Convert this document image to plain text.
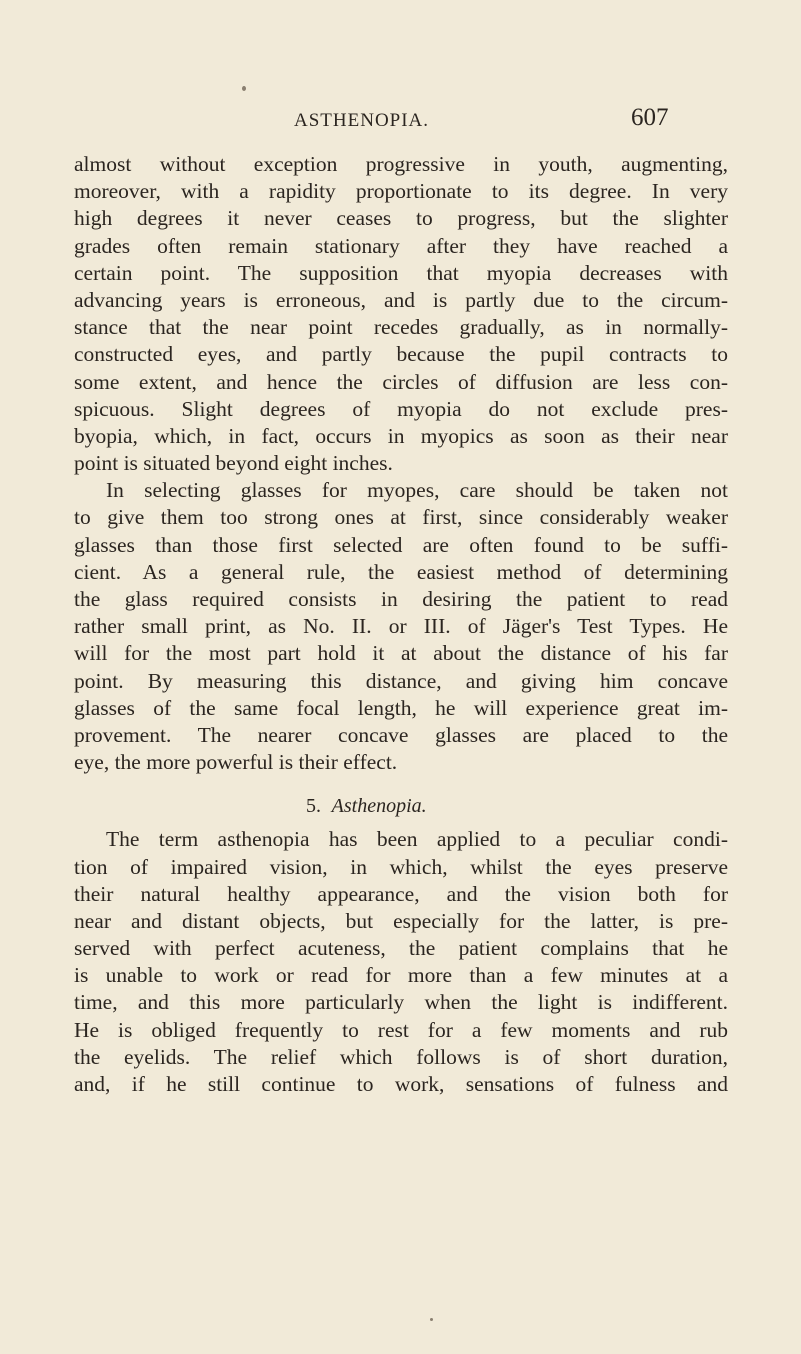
ASTHENOPIA.	607
almost without exception progressive in youth, augmenting,
moreover, with a rapidity proportionate to its degree. In very
high degrees it never ceases to progress, but the slighter
grades often remain stationary after they have reached a
certain point. The supposition that myopia decreases with
advancing years is erroneous, and is partly due to the circum-
stance that the near point recedes gradually, as in normally-
constructed eyes, and partly because the pupil contracts to
some extent, and hence the circles of diffusion are less con-
spicuous. Slight degrees of myopia do not exclude pres-
byopia, which, in fact, occurs in myopics as soon as their near
point is situated beyond eight inches.
In selecting glasses for myopes, care should be taken not
to give them too strong ones at first, since considerably weaker
glasses than those first selected are often found to be suffi-
cient. As a general rule, the easiest method of determining
the glass required consists in desiring the patient to read
rather small print, as No. II. or III. of Jäger's Test Types. He
will for the most part hold it at about the distance of his far
point. By measuring this distance, and giving him concave
glasses of the same focal length, he will experience great im-
provement. The nearer concave glasses are placed to the
eye, the more powerful is their effect.
5. Asthenopia.
The term asthenopia has been applied to a peculiar condi-
tion of impaired vision, in which, whilst the eyes preserve
their natural healthy appearance, and the vision both for
near and distant objects, but especially for the latter, is pre-
served with perfect acuteness, the patient complains that he
is unable to work or read for more than a few minutes at a
time, and this more particularly when the light is indifferent.
He is obliged frequently to rest for a few moments and rub
the eyelids. The relief which follows is of short duration,
and, if he still continue to work, sensations of fulness and
